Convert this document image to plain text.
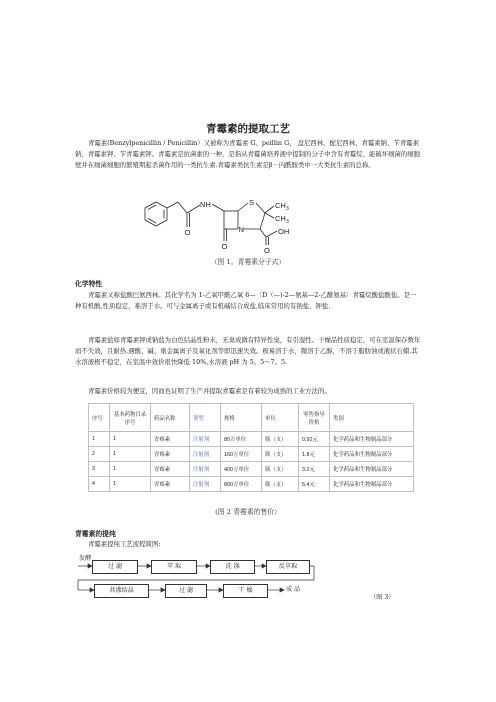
青霉素的提取工艺
青霉素(Benzylpenicillin / Penicillin）又被称为青霉素 G、peillin G、 盘尼西林、配尼西林、青霉素钠、苄青霉素钠、青霉素钾、苄青霉素钾。青霉素是抗菌素的一种，是指从青霉菌培养液中提制的分子中含有青霉烷、能破坏细菌的细胞壁并在细菌细胞的繁殖期起杀菌作用的一类抗生素.青霉素类抗生素是β－内酰胺类中一大类抗生素的总称。
NH	S	CH 3
CH 3
N	OH
O
O	O
（图 1。青霉素分子式）
化学特性
青霉素又称盐酸巴氨西林。其化学名为 1-乙氧甲酰乙氧 6—〔D（—)-2—氨基—2-乙酰氨基〕青霉烷酸盐酸盐。是一种有机酸,性质稳定，难溶于水。可与金属离子或有机碱结合成盐,临床常用的有钠盐、钾盐.
青霉素盐如青霉素钾或钠盐为白色结晶性粉末，无臭或微有特异性臭，有引湿性。干燥品性质稳定，可在室温保存数年而不失效，且耐热.遇酸、碱、重金属离子及氧化剂等即迅速失效。极易溶于水，微溶于乙醇，不溶于脂肪油或液状石蜡.其水溶液极不稳定，在室温中效价很快降低 10%,水溶液 pH 为 5。5～7。5.
青霉素价格较为便宜，因而也证明了生产并提取青霉素是有着较为成熟的工业方法的。
序号	基本药物目录序号	药品名称	剂型	规格	单位	零售指导价格	类别
1	1	青霉素	注射剂	80万单位	瓶（支）	0.92元	化学药品和生物制品部分
2	1	青霉素	注射剂	160万单位	瓶（支）	1.8元	化学药品和生物制品部分
3	1	青霉素	注射剂	400万单位	瓶（支）	3.2元	化学药品和生物制品部分
4	1	青霉素	注射剂	800万单位	瓶（支）	5.4元	化学药品和生物制品部分
(图 2 青霉素的售价）
青霉素的提纯
青霉素提纯工艺流程简图:
发酵
过 滤	萃 取	洗 涤	反萃取
共沸结晶	过 滤	干 燥	成 品
（图 3）
